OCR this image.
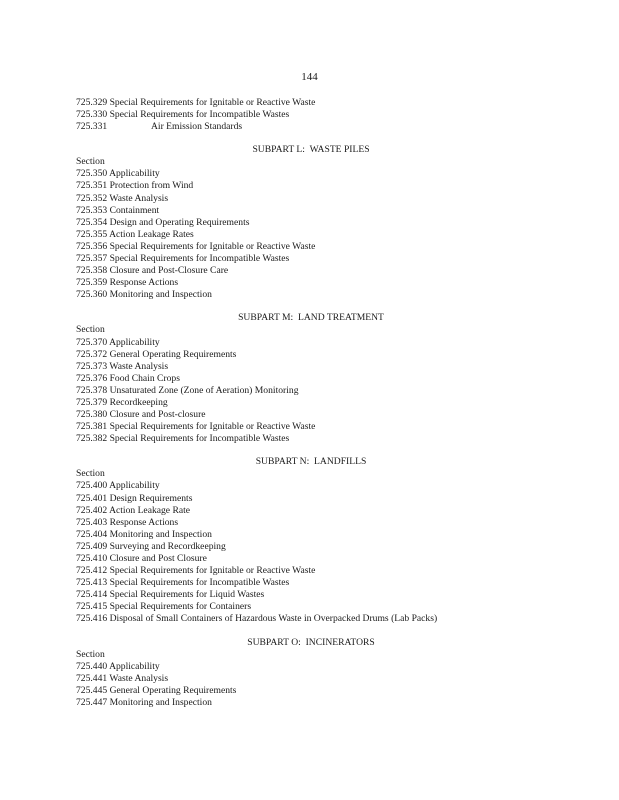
144
725.329 Special Requirements for Ignitable or Reactive Waste
725.330 Special Requirements for Incompatible Wastes
725.331	Air Emission Standards
SUBPART L:  WASTE PILES
Section
725.350 Applicability
725.351 Protection from Wind
725.352 Waste Analysis
725.353 Containment
725.354 Design and Operating Requirements
725.355 Action Leakage Rates
725.356 Special Requirements for Ignitable or Reactive Waste
725.357 Special Requirements for Incompatible Wastes
725.358 Closure and Post-Closure Care
725.359 Response Actions
725.360 Monitoring and Inspection
SUBPART M:  LAND TREATMENT
Section
725.370 Applicability
725.372 General Operating Requirements
725.373 Waste Analysis
725.376 Food Chain Crops
725.378 Unsaturated Zone (Zone of Aeration) Monitoring
725.379 Recordkeeping
725.380 Closure and Post-closure
725.381 Special Requirements for Ignitable or Reactive Waste
725.382 Special Requirements for Incompatible Wastes
SUBPART N:  LANDFILLS
Section
725.400 Applicability
725.401 Design Requirements
725.402 Action Leakage Rate
725.403 Response Actions
725.404 Monitoring and Inspection
725.409 Surveying and Recordkeeping
725.410 Closure and Post Closure
725.412 Special Requirements for Ignitable or Reactive Waste
725.413 Special Requirements for Incompatible Wastes
725.414 Special Requirements for Liquid Wastes
725.415 Special Requirements for Containers
725.416 Disposal of Small Containers of Hazardous Waste in Overpacked Drums (Lab Packs)
SUBPART O:  INCINERATORS
Section
725.440 Applicability
725.441 Waste Analysis
725.445 General Operating Requirements
725.447 Monitoring and Inspection
